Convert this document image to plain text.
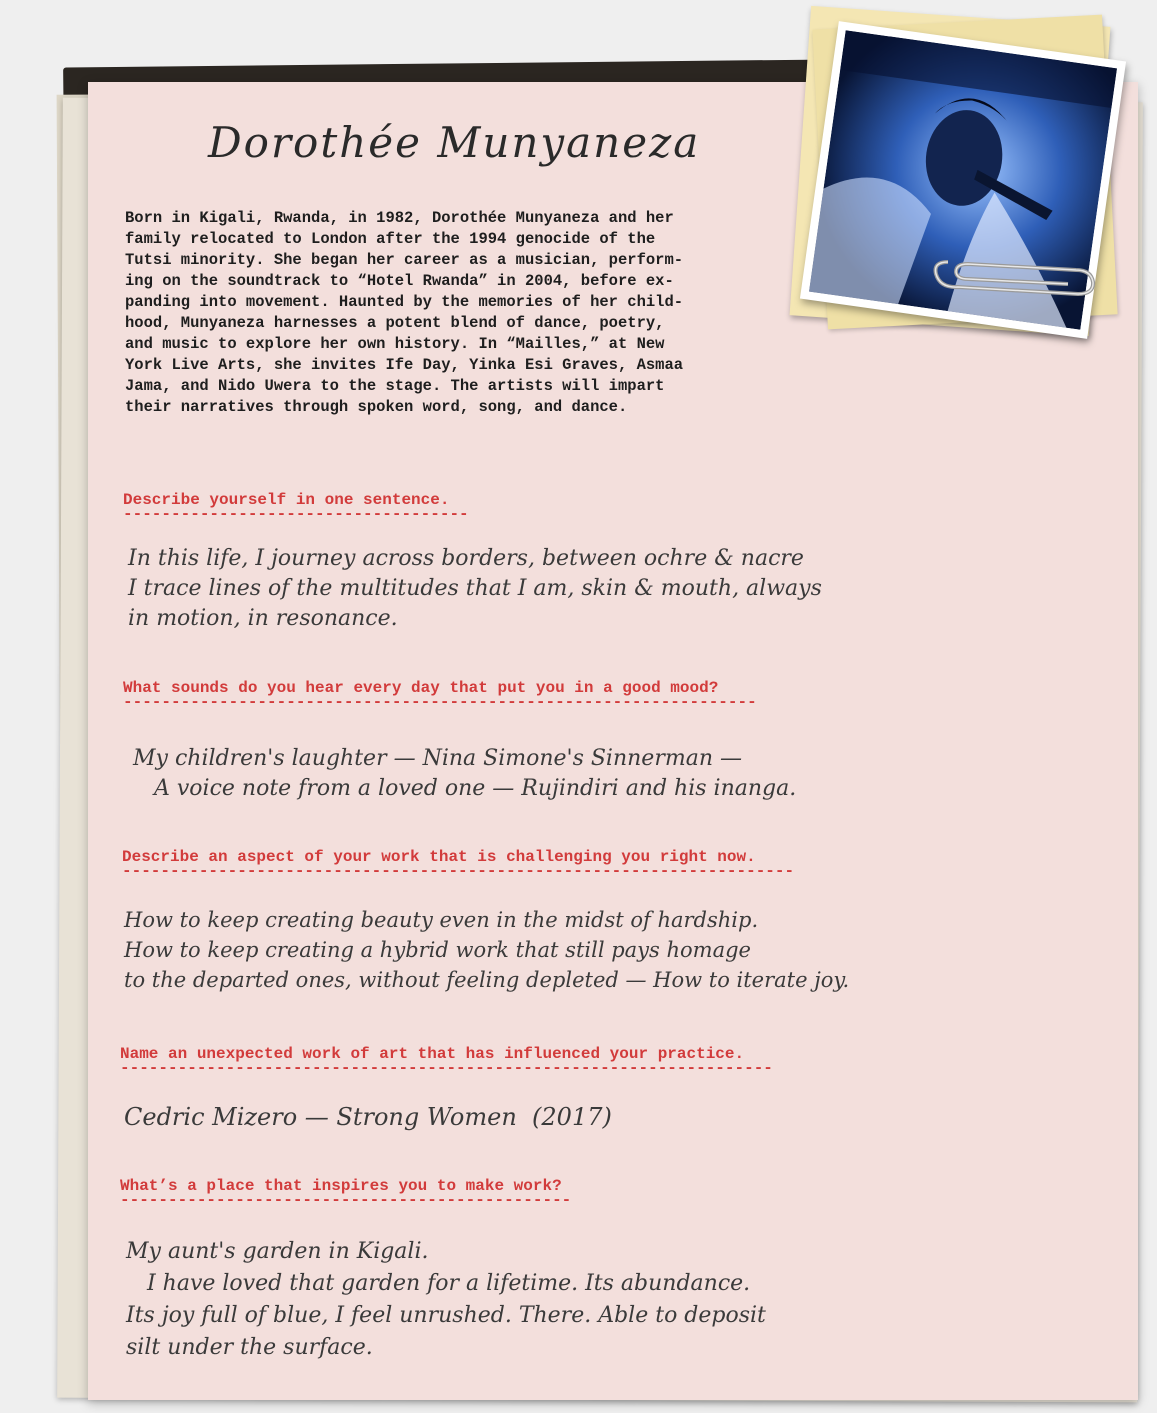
Dorothée Munyaneza
Born in Kigali, Rwanda, in 1982, Dorothée Munyaneza and her
family relocated to London after the 1994 genocide of the
Tutsi minority. She began her career as a musician, perform-
ing on the soundtrack to “Hotel Rwanda” in 2004, before ex-
panding into movement. Haunted by the memories of her child-
hood, Munyaneza harnesses a potent blend of dance, poetry,
and music to explore her own history. In “Mailles,” at New
York Live Arts, she invites Ife Day, Yinka Esi Graves, Asmaa
Jama, and Nido Uwera to the stage. The artists will impart
their narratives through spoken word, song, and dance.
Describe yourself in one sentence.
------------------------------------
In this life, I journey across borders, between ochre & nacre
I trace lines of the multitudes that I am, skin & mouth, always
in motion, in resonance.
What sounds do you hear every day that put you in a good mood?
------------------------------------------------------------------
My children's laughter — Nina Simone's Sinnerman —
A voice note from a loved one — Rujindiri and his inanga.
Describe an aspect of your work that is challenging you right now.
----------------------------------------------------------------------
How to keep creating beauty even in the midst of hardship.
How to keep creating a hybrid work that still pays homage
to the departed ones, without feeling depleted — How to iterate joy.
Name an unexpected work of art that has influenced your practice.
--------------------------------------------------------------------
Cedric Mizero — Strong Women  (2017)
What’s a place that inspires you to make work?
-----------------------------------------------
My aunt's garden in Kigali.
I have loved that garden for a lifetime. Its abundance.
Its joy full of blue, I feel unrushed. There. Able to deposit
silt under the surface.
